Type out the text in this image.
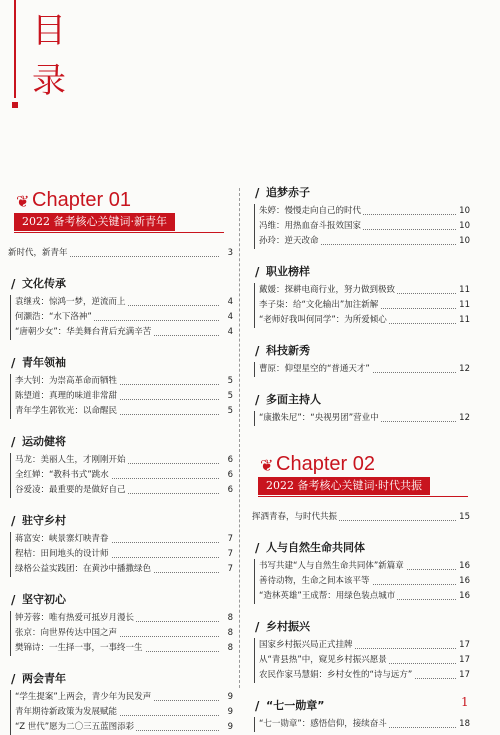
目
录
❦ Chapter 01
2022 备考核心关键词·新青年
新时代，新青年	3
/ 文化传承
袁继戎：惊鸿一梦，逆流而上	4
何灏浩：“水下洛神”	4
“唐朝少女”：华美舞台背后充满辛苦	4
/ 青年领袖
李大钊：为崇高革命而牺牲	5
陈望道：真理的味道非常甜	5
青年学生郭钦光：以命醒民	5
/ 运动健将
马龙：美丽人生，才刚刚开始	6
全红婵：“教科书式”跳水	6
谷爱凌：最重要的是做好自己	6
/ 驻守乡村
蒋富安：峡景寨灯映青眷	7
程桔：田间地头的设计师	7
绿格公益实践团：在黄沙中播撒绿色	7
/ 坚守初心
钟芳蓉：唯有热爱可抵岁月漫长	8
张京：向世界传达中国之声	8
樊锦诗：一生择一事，一事终一生	8
/ 两会青年
“学生提案”上两会，青少年为民发声	9
青年期待新政策为发展赋能	9
“Z 世代”愿为二〇三五蓝图添彩	9
/ 追梦赤子
朱婷：慢慢走向自己的时代	10
冯维：用热血奋斗报效国家	10
孙玲：逆天改命	10
/ 职业榜样
戴媛：探耕电商行业，努力做到极致	11
李子柒：给“文化输出”加注新解	11
“老师好我叫何同学”：为所爱倾心	11
/ 科技新秀
曹原：仰望星空的“普通天才”	12
/ 多面主持人
“康撒朱尼”：“央视男团”营业中	12
❦ Chapter 02
2022 备考核心关键词·时代共振
挥洒青春，与时代共振	15
/ 人与自然生命共同体
书写共建“人与自然生命共同体”新篇章	16
善待动物，生命之间本该平等	16
“造林英雄”王成帮：用绿色装点城市	16
/ 乡村振兴
国家乡村振兴局正式挂牌	17
从“青县热”中，窥见乡村振兴愿景	17
农民作家马慧娟：乡村女性的“诗与远方”	17
/ “七一勋章”
“七一勋章”：感悟信仰，接续奋斗	18
1
